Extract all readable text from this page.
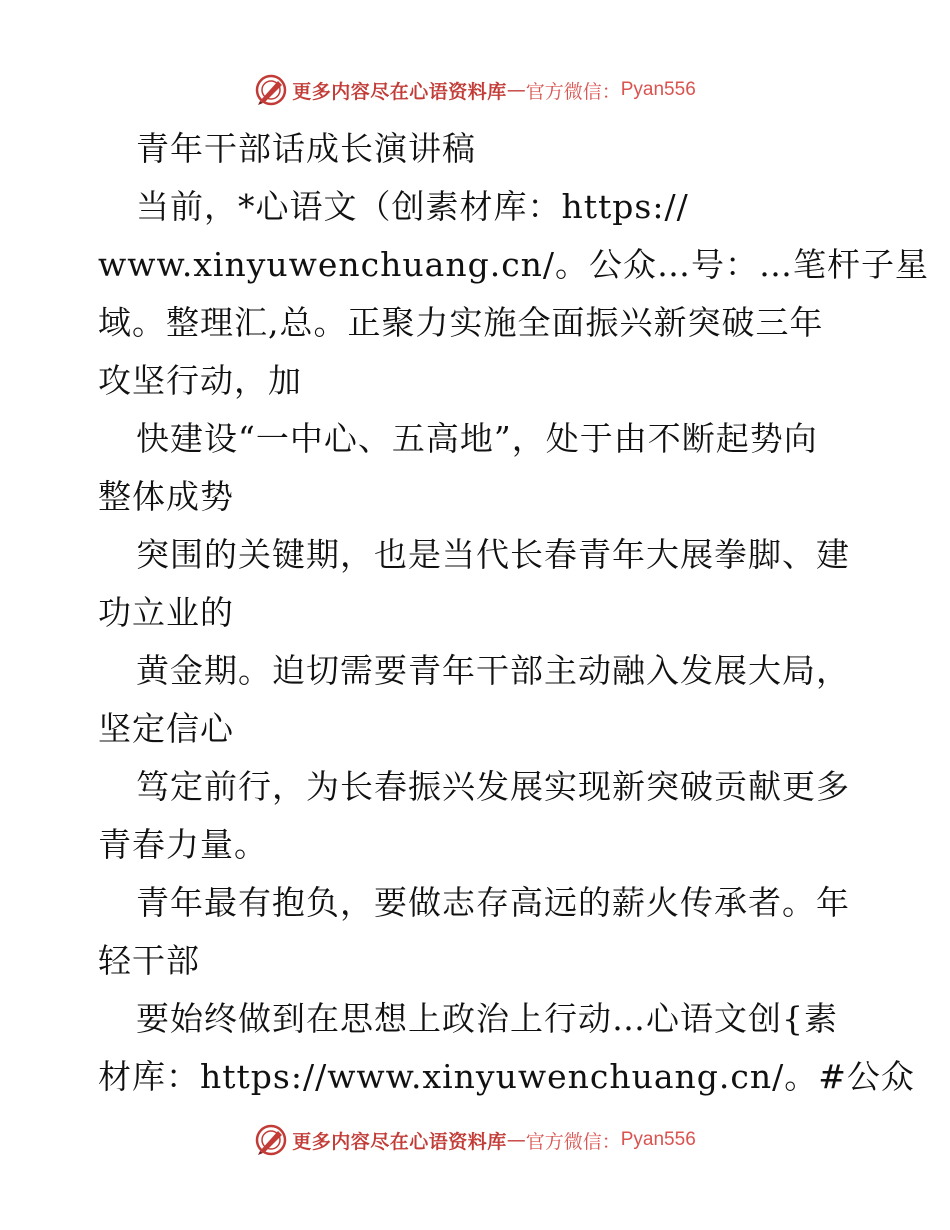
更多内容尽在心语资料库 — 官方微信： Pyan556
青年干部话成长演讲稿
当前，*心语文（创素材库：https://
www.xinyuwenchuang.cn/。公众…号：…笔杆子星
域。整理汇,总。正聚力实施全面振兴新突破三年
攻坚行动，加
快建设“一中心、五高地”，处于由不断起势向
整体成势
突围的关键期，也是当代长春青年大展拳脚、建
功立业的
黄金期。迫切需要青年干部主动融入发展大局，
坚定信心
笃定前行，为长春振兴发展实现新突破贡献更多
青春力量。
青年最有抱负，要做志存高远的薪火传承者。年
轻干部
要始终做到在思想上政治上行动…心语文创{素
材库：https://www.xinyuwenchuang.cn/。#公众
更多内容尽在心语资料库 — 官方微信： Pyan556
